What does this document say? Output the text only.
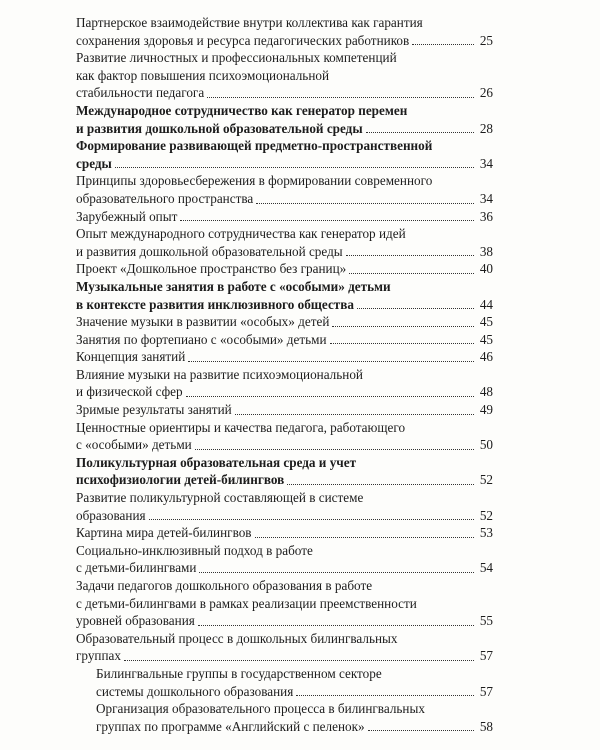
Партнерское взаимодействие внутри коллектива как гарантия
сохранения здоровья и ресурса педагогических работников	25
Развитие личностных и профессиональных компетенций
как фактор повышения психоэмоциональной
стабильности педагога	26
Международное сотрудничество как генератор перемен
и развития дошкольной образовательной среды	28
Формирование развивающей предметно-пространственной
среды	34
Принципы здоровьесбережения в формировании современного
образовательного пространства	34
Зарубежный опыт	36
Опыт международного сотрудничества как генератор идей
и развития дошкольной образовательной среды	38
Проект «Дошкольное пространство без границ»	40
Музыкальные занятия в работе с «особыми» детьми
в контексте развития инклюзивного общества	44
Значение музыки в развитии «особых» детей	45
Занятия по фортепиано с «особыми» детьми	45
Концепция занятий	46
Влияние музыки на развитие психоэмоциональной
и физической сфер	48
Зримые результаты занятий	49
Ценностные ориентиры и качества педагога, работающего
с «особыми» детьми	50
Поликультурная образовательная среда и учет
психофизиологии детей-билингвов	52
Развитие поликультурной составляющей в системе
образования	52
Картина мира детей-билингвов	53
Социально-инклюзивный подход в работе
с детьми-билингвами	54
Задачи педагогов дошкольного образования в работе
с детьми-билингвами в рамках реализации преемственности
уровней образования	55
Образовательный процесс в дошкольных билингвальных
группах	57
Билингвальные группы в государственном секторе
системы дошкольного образования	57
Организация образовательного процесса в билингвальных
группах по программе «Английский с пеленок»	58
